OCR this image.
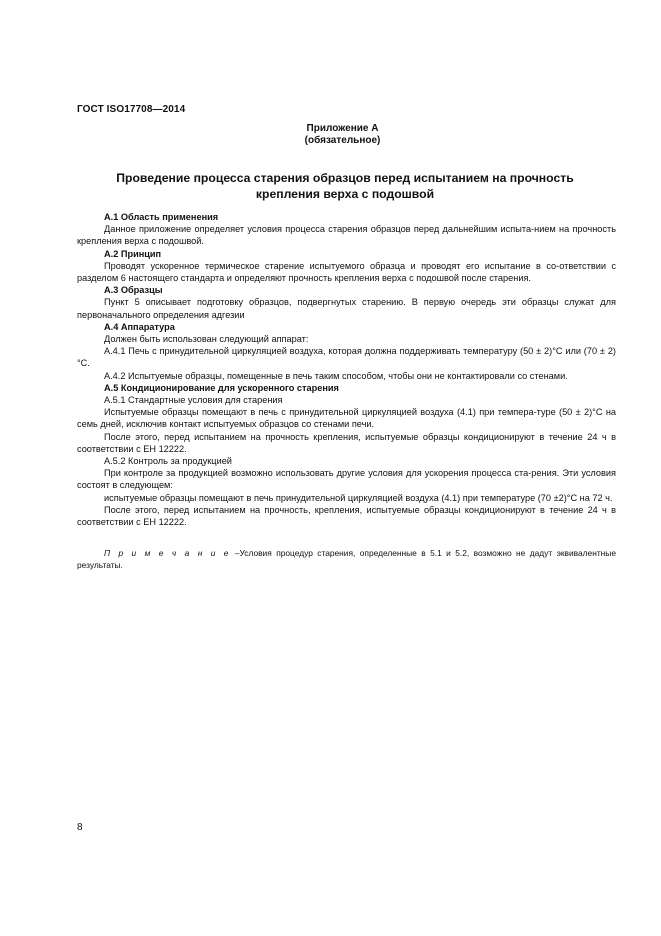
ГОСТ ISO17708—2014
Приложение А
(обязательное)
Проведение процесса старения образцов перед испытанием на прочность
крепления верха с подошвой

А.1 Область применения

Данное приложение определяет условия процесса старения образцов перед дальнейшим испыта-нием на прочность крепления верха с подошвой.

А.2 Принцип

Проводят ускоренное термическое старение испытуемого образца и проводят его испытание в со-ответствии с разделом 6 настоящего стандарта и определяют прочность крепления верха с подошвой после старения.

А.3 Образцы

Пункт 5 описывает подготовку образцов, подвергнутых старению. В первую очередь эти образцы служат для первоначального определения адгезии

А.4 Аппаратура

Должен быть использован следующий аппарат:

А.4.1 Печь с принудительной циркуляцией воздуха, которая должна поддерживать температуру (50 ± 2)°С или (70 ± 2)°С.

А.4.2 Испытуемые образцы, помещенные в печь таким способом, чтобы они не контактировали со стенами.

А.5 Кондиционирование для ускоренного старения

А.5.1 Стандартные условия для старения

Испытуемые образцы помещают в печь с принудительной циркуляцией воздуха (4.1) при темпера-туре (50 ± 2)°С на семь дней, исключив контакт испытуемых образцов со стенами печи.

После этого, перед испытанием на прочность крепления, испытуемые образцы кондиционируют в течение 24 ч в соответствии с ЕН 12222.

А.5.2 Контроль за продукцией

При контроле за продукцией возможно использовать другие условия для ускорения процесса ста-рения. Эти условия состоят в следующем:

испытуемые образцы помещают в печь принудительной циркуляцией воздуха (4.1) при температуре (70 ±2)°С на 72 ч.

После этого, перед испытанием на прочность, крепления, испытуемые образцы кондиционируют в течение 24 ч в соответствии с ЕН 12222.

П р и м е ч а н и е –Условия процедур старения, определенные в 5.1 и 5.2, возможно не дадут эквивалентные результаты.

8
